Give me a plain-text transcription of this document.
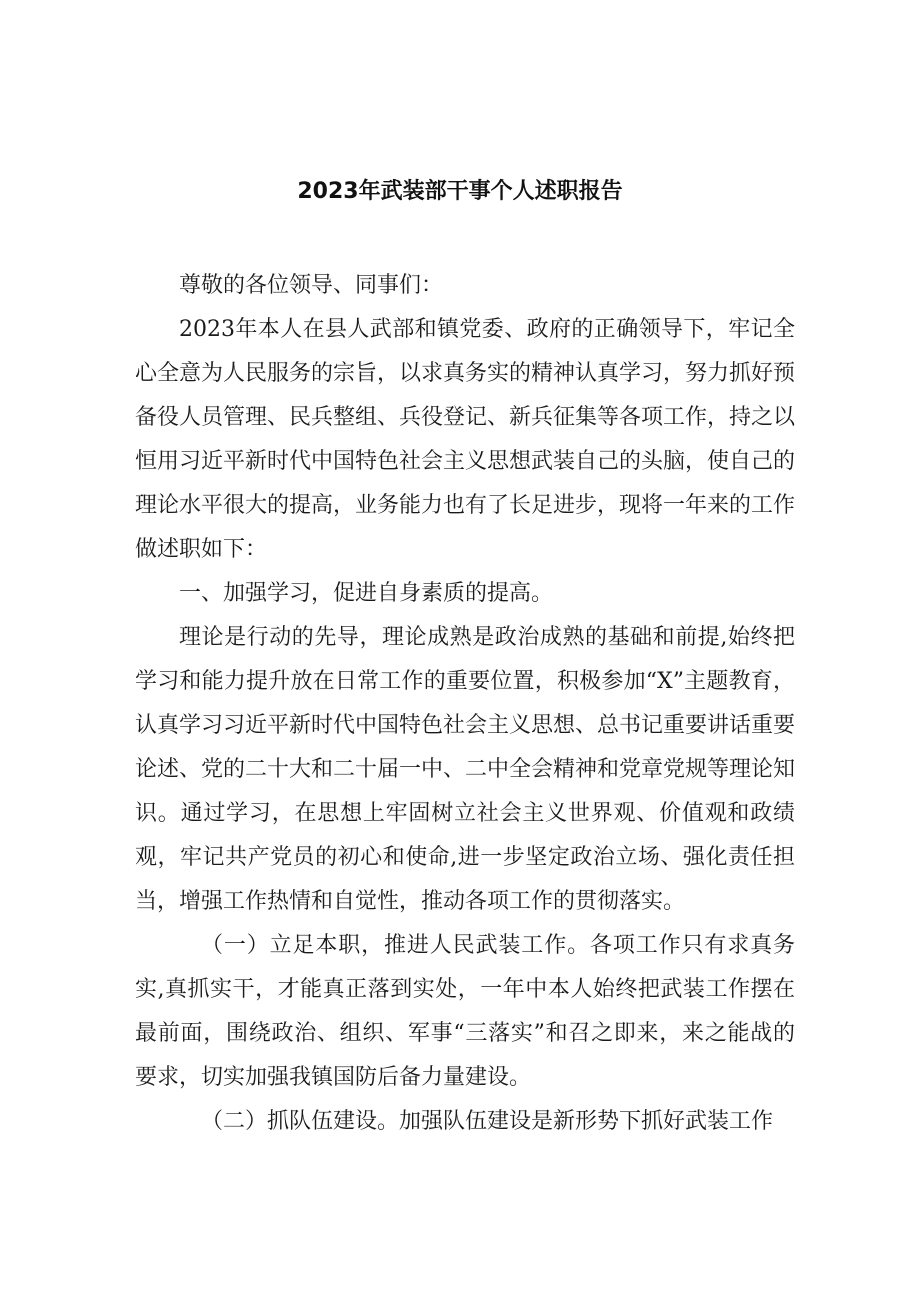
2023年武装部干事个人述职报告

尊敬的各位领导、同事们：

2023年本人在县人武部和镇党委、政府的正确领导下，牢记全心全意为人民服务的宗旨，以求真务实的精神认真学习，努力抓好预备役人员管理、民兵整组、兵役登记、新兵征集等各项工作，持之以恒用习近平新时代中国特色社会主义思想武装自己的头脑，使自己的理论水平很大的提高，业务能力也有了长足进步，现将一年来的工作做述职如下：

一、加强学习，促进自身素质的提高。

理论是行动的先导，理论成熟是政治成熟的基础和前提,始终把学习和能力提升放在日常工作的重要位置，积极参加“X”主题教育，认真学习习近平新时代中国特色社会主义思想、总书记重要讲话重要论述、党的二十大和二十届一中、二中全会精神和党章党规等理论知识。通过学习，在思想上牢固树立社会主义世界观、价值观和政绩观，牢记共产党员的初心和使命,进一步坚定政治立场、强化责任担当，增强工作热情和自觉性，推动各项工作的贯彻落实。

（一）立足本职，推进人民武装工作。各项工作只有求真务实,真抓实干，才能真正落到实处，一年中本人始终把武装工作摆在最前面，围绕政治、组织、军事“三落实”和召之即来，来之能战的要求，切实加强我镇国防后备力量建设。

（二）抓队伍建设。加强队伍建设是新形势下抓好武装工作
